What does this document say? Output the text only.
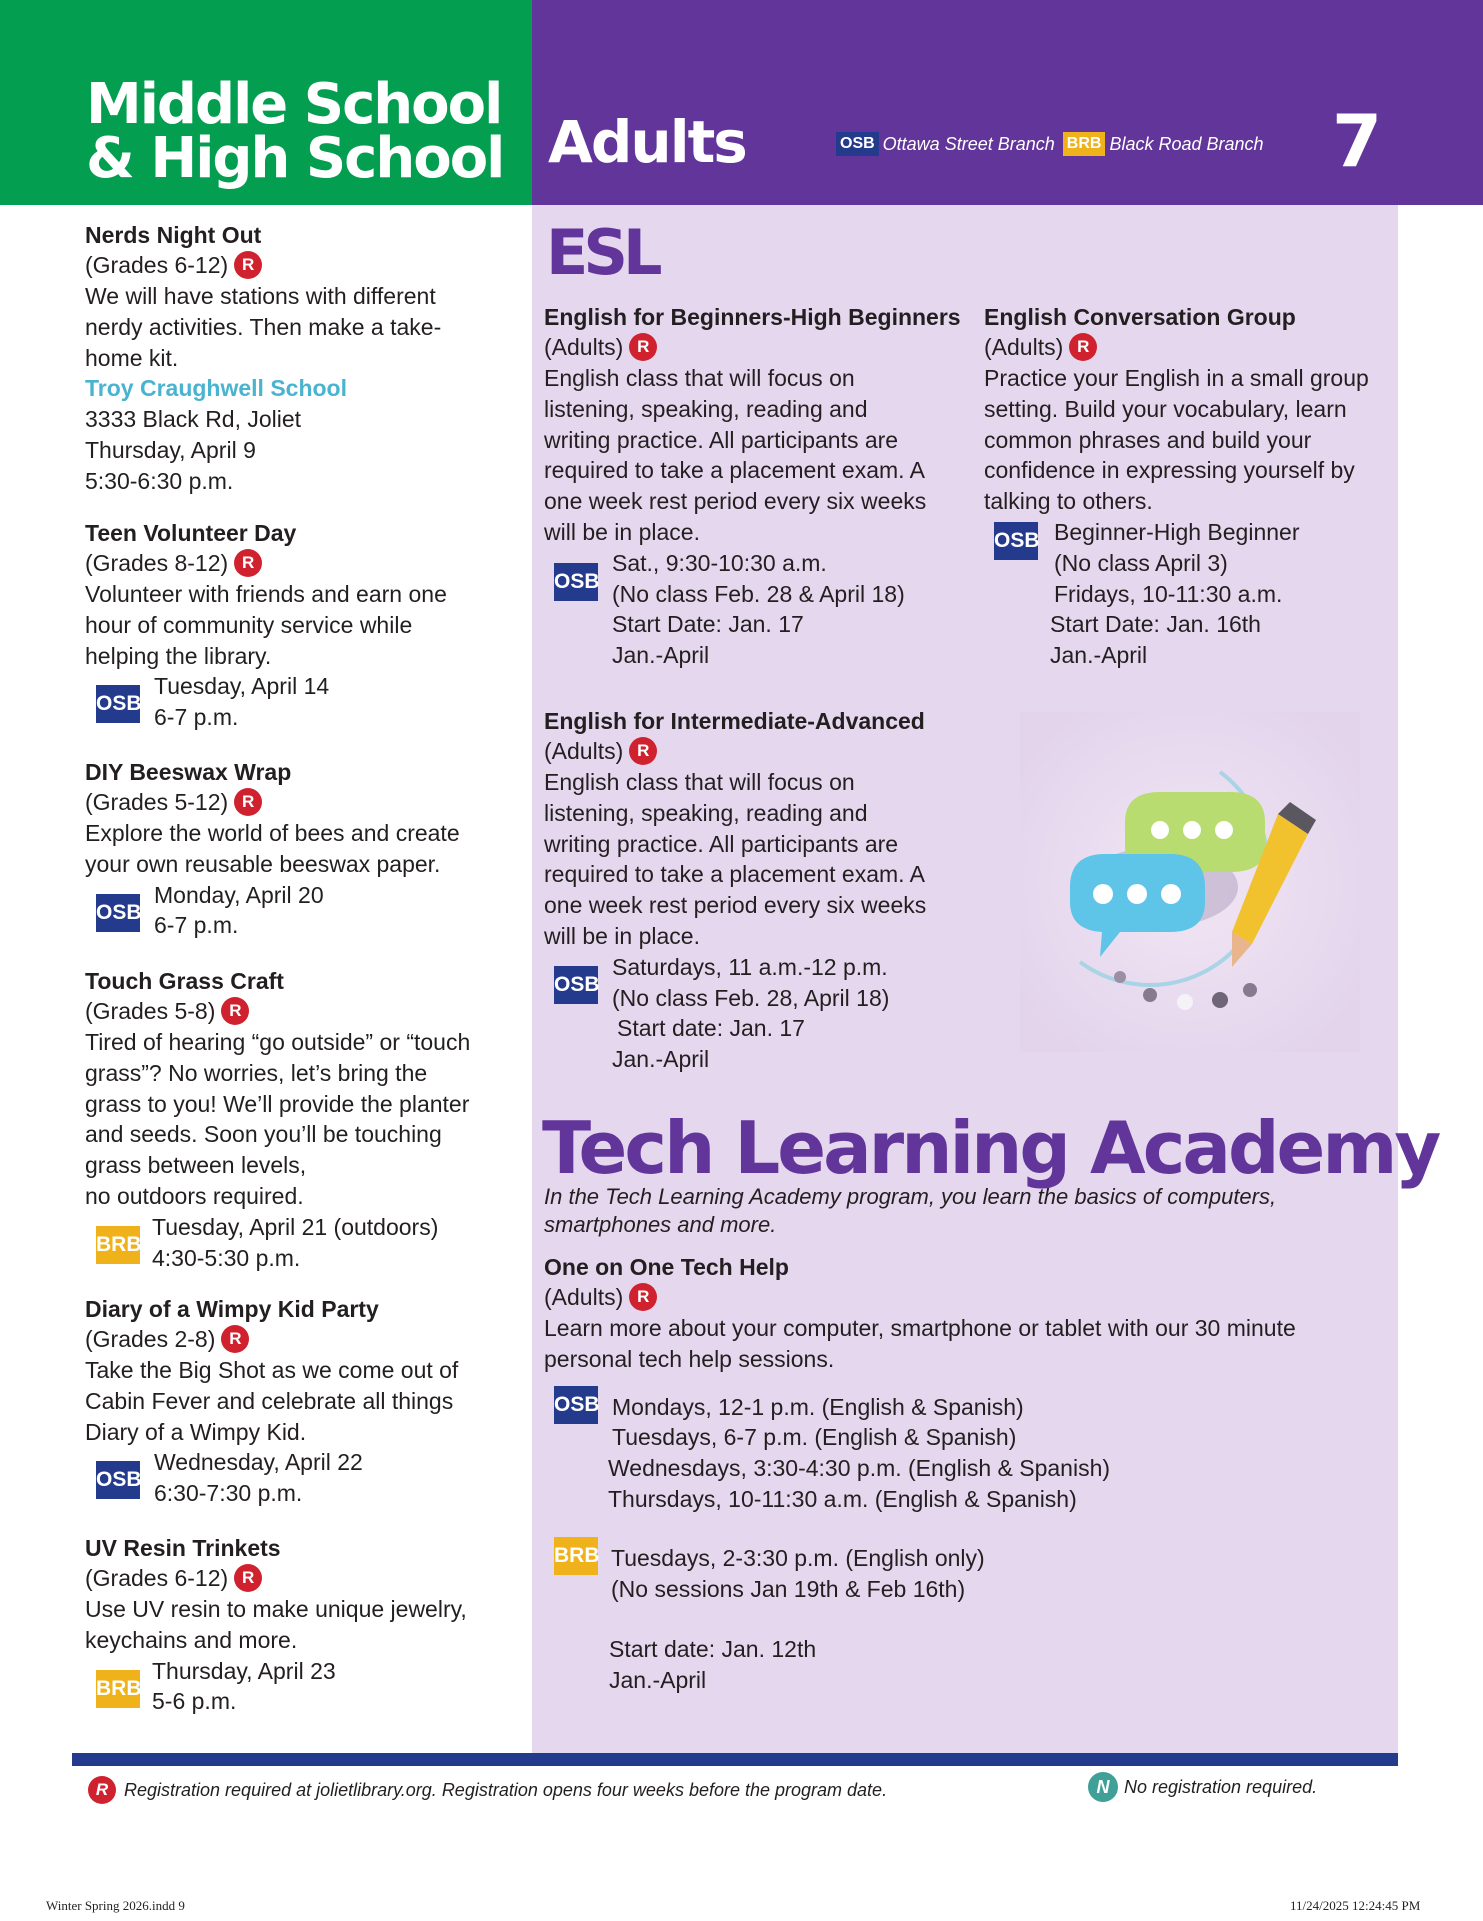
Middle School
& High School Adults	OSB Ottawa Street Branch BRB Black Road Branch 7
Nerds Night Out
(Grades 6-12) R
We will have stations with different
nerdy activities. Then make a take-
home kit.
Troy Craughwell School
3333 Black Rd, Joliet
Thursday, April 9
5:30-6:30 p.m.
Teen Volunteer Day
(Grades 8-12) R
Volunteer with friends and earn one
hour of community service while
helping the library.
OSB
Tuesday, April 14
6-7 p.m.
DIY Beeswax Wrap
(Grades 5-12) R
Explore the world of bees and create
your own reusable beeswax paper.
OSB
Monday, April 20
6-7 p.m.
Touch Grass Craft
(Grades 5-8) R
Tired of hearing “go outside” or “touch
grass”? No worries, let’s bring the
grass to you! We’ll provide the planter
and seeds. Soon you’ll be touching
grass between levels,
no outdoors required.
BRB
Tuesday, April 21 (outdoors)
4:30-5:30 p.m.
Diary of a Wimpy Kid Party
(Grades 2-8) R
Take the Big Shot as we come out of
Cabin Fever and celebrate all things
Diary of a Wimpy Kid.
OSB
Wednesday, April 22
6:30-7:30 p.m.
UV Resin Trinkets
(Grades 6-12) R
Use UV resin to make unique jewelry,
keychains and more.
BRB
Thursday, April 23
5-6 p.m.
ESL
English for Beginners-High Beginners
(Adults) R
English class that will focus on
listening, speaking, reading and
writing practice. All participants are
required to take a placement exam. A
one week rest period every six weeks
will be in place.
OSB
Sat., 9:30-10:30 a.m.
(No class Feb. 28 & April 18)
Start Date: Jan. 17
Jan.-April
English for Intermediate-Advanced
(Adults) R
English class that will focus on
listening, speaking, reading and
writing practice. All participants are
required to take a placement exam. A
one week rest period every six weeks
will be in place.
OSB
Saturdays, 11 a.m.-12 p.m.
(No class Feb. 28, April 18)
Start date: Jan. 17
Jan.-April
English Conversation Group
(Adults) R
Practice your English in a small group
setting. Build your vocabulary, learn
common phrases and build your
confidence in expressing yourself by
talking to others.
OSB Beginner-High Beginner
(No class April 3)
Fridays, 10-11:30 a.m.
Start Date: Jan. 16th
Jan.-April
Tech Learning Academy
In the Tech Learning Academy program, you learn the basics of computers,
smartphones and more.
One on One Tech Help
(Adults) R
Learn more about your computer, smartphone or tablet with our 30 minute
personal tech help sessions.
OSB Mondays, 12-1 p.m. (English & Spanish)
Tuesdays, 6-7 p.m. (English & Spanish)
Wednesdays, 3:30-4:30 p.m. (English & Spanish)
Thursdays, 10-11:30 a.m. (English & Spanish)
BRB Tuesdays, 2-3:30 p.m. (English only)
(No sessions Jan 19th & Feb 16th)
Start date: Jan. 12th
Jan.-April
R Registration required at jolietlibrary.org. Registration opens four weeks before the program date.	N No registration required.
Winter Spring 2026.indd 9	11/24/2025 12:24:45 PM
